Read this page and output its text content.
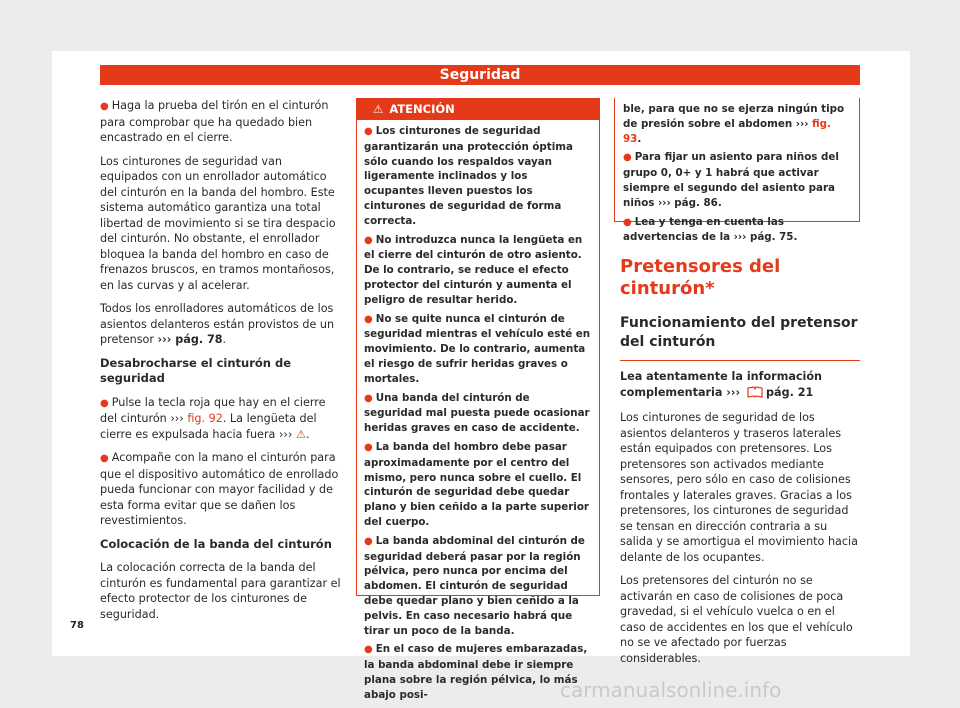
Seguridad

● Haga la prueba del tirón en el cinturón para comprobar que ha quedado bien encastrado en el cierre.

Los cinturones de seguridad van equipados con un enrollador automático del cinturón en la banda del hombro. Este sistema automático garantiza una total libertad de movimiento si se tira despacio del cinturón. No obstante, el enrollador bloquea la banda del hombro en caso de frenazos bruscos, en tramos montañosos, en las curvas y al acelerar.

Todos los enrolladores automáticos de los asientos delanteros están provistos de un pretensor ››› pág. 78.

Desabrocharse el cinturón de seguridad

● Pulse la tecla roja que hay en el cierre del cinturón ››› fig. 92. La lengüeta del cierre es expulsada hacia fuera ››› ⚠.

● Acompañe con la mano el cinturón para que el dispositivo automático de enrollado pueda funcionar con mayor facilidad y de esta forma evitar que se dañen los revestimientos.

Colocación de la banda del cinturón

La colocación correcta de la banda del cinturón es fundamental para garantizar el efecto protector de los cinturones de seguridad.

⚠ ATENCIÓN

● Los cinturones de seguridad garantizarán una protección óptima sólo cuando los respaldos vayan ligeramente inclinados y los ocupantes lleven puestos los cinturones de seguridad de forma correcta.

● No introduzca nunca la lengüeta en el cierre del cinturón de otro asiento. De lo contrario, se reduce el efecto protector del cinturón y aumenta el peligro de resultar herido.

● No se quite nunca el cinturón de seguridad mientras el vehículo esté en movimiento. De lo contrario, aumenta el riesgo de sufrir heridas graves o mortales.

● Una banda del cinturón de seguridad mal puesta puede ocasionar heridas graves en caso de accidente.

● La banda del hombro debe pasar aproximadamente por el centro del mismo, pero nunca sobre el cuello. El cinturón de seguridad debe quedar plano y bien ceñido a la parte superior del cuerpo.

● La banda abdominal del cinturón de seguridad deberá pasar por la región pélvica, pero nunca por encima del abdomen. El cinturón de seguridad debe quedar plano y bien ceñido a la pelvis. En caso necesario habrá que tirar un poco de la banda.

● En el caso de mujeres embarazadas, la banda abdominal debe ir siempre plana sobre la región pélvica, lo más abajo posi-

ble, para que no se ejerza ningún tipo de presión sobre el abdomen ››› fig. 93.

● Para fijar un asiento para niños del grupo 0, 0+ y 1 habrá que activar siempre el segundo del asiento para niños ››› pág. 86.

● Lea y tenga en cuenta las advertencias de la ››› pág. 75.

Pretensores del cinturón*
Funcionamiento del pretensor del cinturón

Lea atentamente la información complementaria ››› pág. 21

Los cinturones de seguridad de los asientos delanteros y traseros laterales están equipados con pretensores. Los pretensores son activados mediante sensores, pero sólo en caso de colisiones frontales y laterales graves. Gracias a los pretensores, los cinturones de seguridad se tensan en dirección contraria a su salida y se amortigua el movimiento hacia delante de los ocupantes.

Los pretensores del cinturón no se activarán en caso de colisiones de poca gravedad, si el vehículo vuelca o en el caso de accidentes en los que el vehículo no se ve afectado por fuerzas considerables.

78
carmanualsonline.info
